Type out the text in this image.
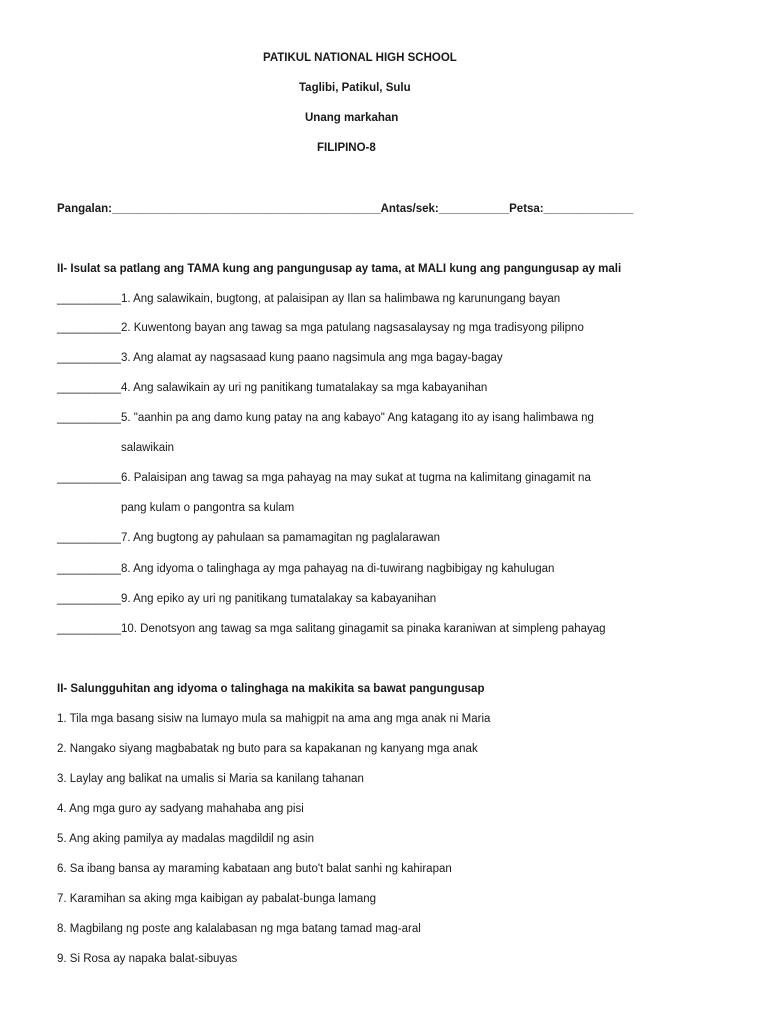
PATIKUL NATIONAL HIGH SCHOOL
Taglibi, Patikul, Sulu
Unang markahan
FILIPINO-8
Pangalan:__________________________________________Antas/sek:___________Petsa:______________
II- Isulat sa patlang ang TAMA kung ang pangungusap ay tama, at MALI kung ang pangungusap ay mali
__________1. Ang salawikain, bugtong, at palaisipan ay Ilan sa halimbawa ng karunungang bayan
__________2. Kuwentong bayan ang tawag sa mga patulang nagsasalaysay ng mga tradisyong pilipno
__________3. Ang alamat ay nagsasaad kung paano nagsimula ang mga bagay-bagay
__________4. Ang salawikain ay uri ng panitikang tumatalakay sa mga kabayanihan
__________5. "aanhin pa ang damo kung patay na ang kabayo" Ang katagang ito ay isang halimbawa ng
salawikain
__________6. Palaisipan ang tawag sa mga pahayag na may sukat at tugma na kalimitang ginagamit na
pang kulam o pangontra sa kulam
__________7. Ang bugtong ay pahulaan sa pamamagitan ng paglalarawan
__________8. Ang idyoma o talinghaga ay mga pahayag na di-tuwirang nagbibigay ng kahulugan
__________9. Ang epiko ay uri ng panitikang tumatalakay sa kabayanihan
__________10. Denotsyon ang tawag sa mga salitang ginagamit sa pinaka karaniwan at simpleng pahayag
II- Salungguhitan ang idyoma o talinghaga na makikita sa bawat pangungusap
1. Tila mga basang sisiw na lumayo mula sa mahigpit na ama ang mga anak ni Maria
2. Nangako siyang magbabatak ng buto para sa kapakanan ng kanyang mga anak
3. Laylay ang balikat na umalis si Maria sa kanilang tahanan
4. Ang mga guro ay sadyang mahahaba ang pisi
5. Ang aking pamilya ay madalas magdildil ng asin
6. Sa ibang bansa ay maraming kabataan ang buto't balat sanhi ng kahirapan
7. Karamihan sa aking mga kaibigan ay pabalat-bunga lamang
8. Magbilang ng poste ang kalalabasan ng mga batang tamad mag-aral
9. Si Rosa ay napaka balat-sibuyas
